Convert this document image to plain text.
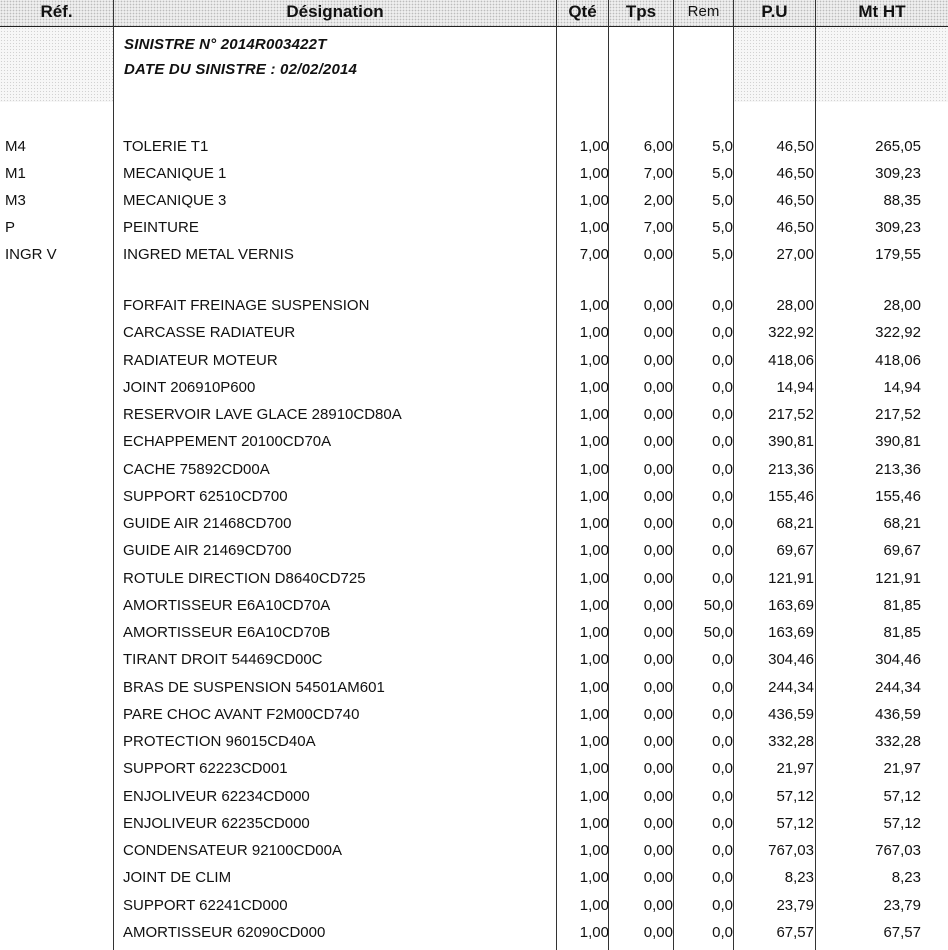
Réf.	Désignation	Qté	Tps	Rem	P.U	Mt HT
SINISTRE N° 2014R003422T
DATE DU SINISTRE : 02/02/2014
M4	TOLERIE T1	1,00 6,00	5,0	46,50	265,05
M1	MECANIQUE 1	1,00 7,00	5,0	46,50	309,23
M3	MECANIQUE 3	1,00 2,00	5,0	46,50	88,35
P	PEINTURE	1,00 7,00	5,0	46,50	309,23
INGR V	INGRED METAL VERNIS	7,00 0,00	5,0	27,00	179,55
FORFAIT FREINAGE SUSPENSION	1,00 0,00	0,0	28,00	28,00
CARCASSE RADIATEUR	1,00 0,00	0,0 322,92	322,92
RADIATEUR MOTEUR	1,00 0,00	0,0 418,06	418,06
JOINT 206910P600	1,00 0,00	0,0	14,94	14,94
RESERVOIR LAVE GLACE 28910CD80A	1,00 0,00	0,0 217,52	217,52
ECHAPPEMENT 20100CD70A	1,00 0,00	0,0 390,81	390,81
CACHE 75892CD00A	1,00 0,00	0,0 213,36	213,36
SUPPORT 62510CD700	1,00 0,00	0,0 155,46	155,46
GUIDE AIR 21468CD700	1,00 0,00	0,0	68,21	68,21
GUIDE AIR 21469CD700	1,00 0,00	0,0	69,67	69,67
ROTULE DIRECTION D8640CD725	1,00 0,00	0,0 121,91	121,91
AMORTISSEUR E6A10CD70A	1,00 0,00 50,0 163,69	81,85
AMORTISSEUR E6A10CD70B	1,00 0,00 50,0 163,69	81,85
TIRANT DROIT 54469CD00C	1,00 0,00	0,0 304,46	304,46
BRAS DE SUSPENSION 54501AM601	1,00 0,00	0,0 244,34	244,34
PARE CHOC AVANT F2M00CD740	1,00 0,00	0,0 436,59	436,59
PROTECTION 96015CD40A	1,00 0,00	0,0 332,28	332,28
SUPPORT 62223CD001	1,00 0,00	0,0	21,97	21,97
ENJOLIVEUR 62234CD000	1,00 0,00	0,0	57,12	57,12
ENJOLIVEUR 62235CD000	1,00 0,00	0,0	57,12	57,12
CONDENSATEUR 92100CD00A	1,00 0,00	0,0 767,03	767,03
JOINT DE CLIM	1,00 0,00	0,0	8,23	8,23
SUPPORT 62241CD000	1,00 0,00	0,0	23,79	23,79
AMORTISSEUR 62090CD000	1,00 0,00	0,0	67,57	67,57
